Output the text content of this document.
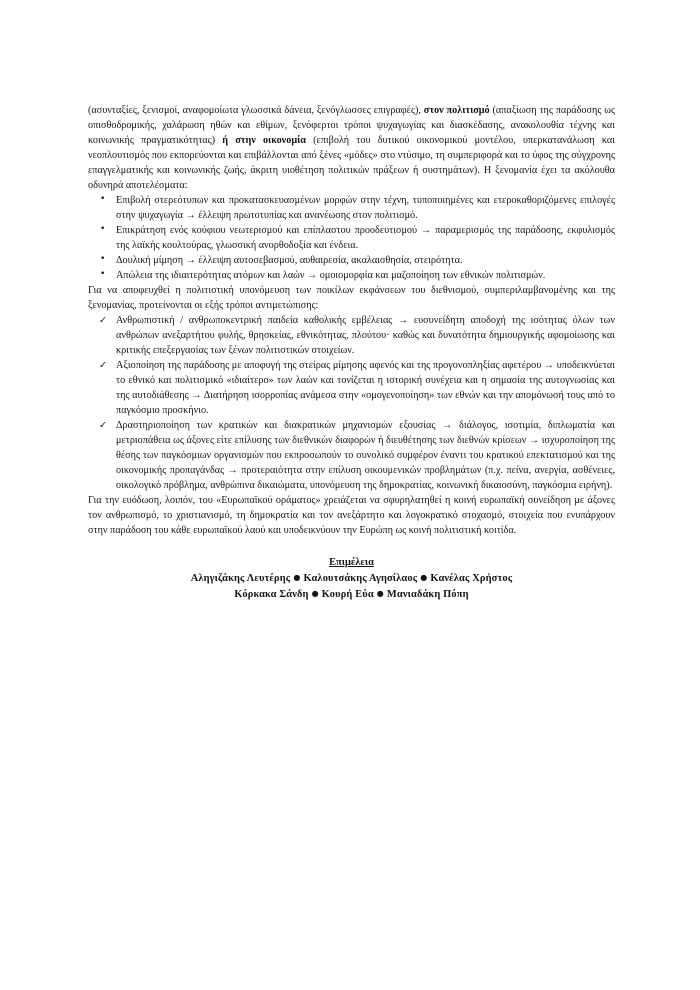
(ασυνταξίες, ξενισμοί, αναφομοίωτα γλωσσικά δάνεια, ξενόγλωσσες επιγραφές), στον πολιτισμό (απαξίωση της παράδοσης ως οπισθοδρομικής, χαλάρωση ηθών και εθίμων, ξενόφερτοι τρόποι ψυχαγωγίας και διασκέδασης, ανακολουθία τέχνης και κοινωνικής πραγματικότητας) ή στην οικονομία (επιβολή του δυτικού οικονομικού μοντέλου, υπερκατανάλωση και νεοπλουτισμός που εκπορεύονται και επιβάλλονται από ξένες «μόδες» στο ντύσιμο, τη συμπεριφορά και το ύφος της σύγχρονης επαγγελματικής και κοινωνικής ζωής, άκριτη υιοθέτηση πολιτικών πράξεων ή συστημάτων). Η ξενομανία έχει τα ακόλουθα οδυνηρά αποτελέσματα:

• Επιβολή στερεότυπων και προκατασκευασμένων μορφών στην τέχνη, τυποποιημένες και ετεροκαθοριζόμενες επιλογές στην ψυχαγωγία → έλλειψη πρωτοτυπίας και ανανέωσης στον πολιτισμό.
• Επικράτηση ενός κούφιου νεωτερισμού και επίπλαστου προοδευτισμού → παραμερισμός της παράδοσης, εκφυλισμός της λαϊκής κουλτούρας, γλωσσική ανορθοδοξία και ένδεια.
• Δουλική μίμηση → έλλειψη αυτοσεβασμού, αυθαιρεσία, ακαλαισθησία, στειρότητα.
• Απώλεια της ιδιαιτερότητας ατόμων και λαών → ομοιομορφία και μαζοποίηση των εθνικών πολιτισμών.

Για να αποφευχθεί η πολιτιστική υπονόμευση των ποικίλων εκφάνσεων του διεθνισμού, συμπεριλαμβανομένης και της ξενομανίας, προτείνονται οι εξής τρόποι αντιμετώπισης:

✓ Ανθρωπιστική / ανθρωποκεντρική παιδεία καθολικής εμβέλειας → ευσυνείδητη αποδοχή της ισότητας όλων των ανθρώπων ανεξαρτήτου φυλής, θρησκείας, εθνικότητας, πλούτου· καθώς και δυνατότητα δημιουργικής αφομοίωσης και κριτικής επεξεργασίας των ξένων πολιτιστικών στοιχείων.
✓ Αξιοποίηση της παράδοσης με αποφυγή της στείρας μίμησης αφενός και της προγονοπληξίας αφετέρου → υποδεικνύεται το εθνικό και πολιτισμικό «ιδιαίτερο» των λαών και τονίζεται η ιστορική συνέχεια και η σημασία της αυτογνωσίας και της αυτοδιάθεσης → Διατήρηση ισορροπίας ανάμεσα στην «ομογενοποίηση» των εθνών και την απομόνωσή τους από το παγκόσμιο προσκήνιο.
✓ Δραστηριοποίηση των κρατικών και διακρατικών μηχανισμών εξουσίας → διάλογος, ισοτιμία, διπλωματία και μετριοπάθεια ως άξονες είτε επίλυσης των διεθνικών διαφορών ή διευθέτησης των διεθνών κρίσεων → ισχυροποίηση της θέσης των παγκόσμιων οργανισμών που εκπροσωπούν το συνολικό συμφέρον έναντι του κρατικού επεκτατισμού και της οικονομικής προπαγάνδας → προτεραιότητα στην επίλυση οικουμενικών προβλημάτων (π.χ. πείνα, ανεργία, ασθένειες, οικολογικό πρόβλημα, ανθρώπινα δικαιώματα, υπονόμευση της δημοκρατίας, κοινωνική δικαιοσύνη, παγκόσμια ειρήνη).

Για την ευόδωση, λοιπόν, του «Ευρωπαϊκού οράματος» χρειάζεται να σφυρηλατηθεί η κοινή ευρωπαϊκή συνείδηση με άξονες τον ανθρωπισμό, το χριστιανισμό, τη δημοκρατία και τον ανεξάρτητο και λογοκρατικό στοχασμό, στοιχεία που ενυπάρχουν στην παράδοση του κάθε ευρωπαϊκού λαού και υποδεικνύουν την Ευρώπη ως κοινή πολιτιστική κοιτίδα.

Επιμέλεια
Αληγιζάκης Λευτέρης ● Καλουτσάκης Αγησίλαος ● Κανέλας Χρήστος
Κόρκακα Σάνδη ● Κουρή Εύα ● Μανιαδάκη Πόπη
